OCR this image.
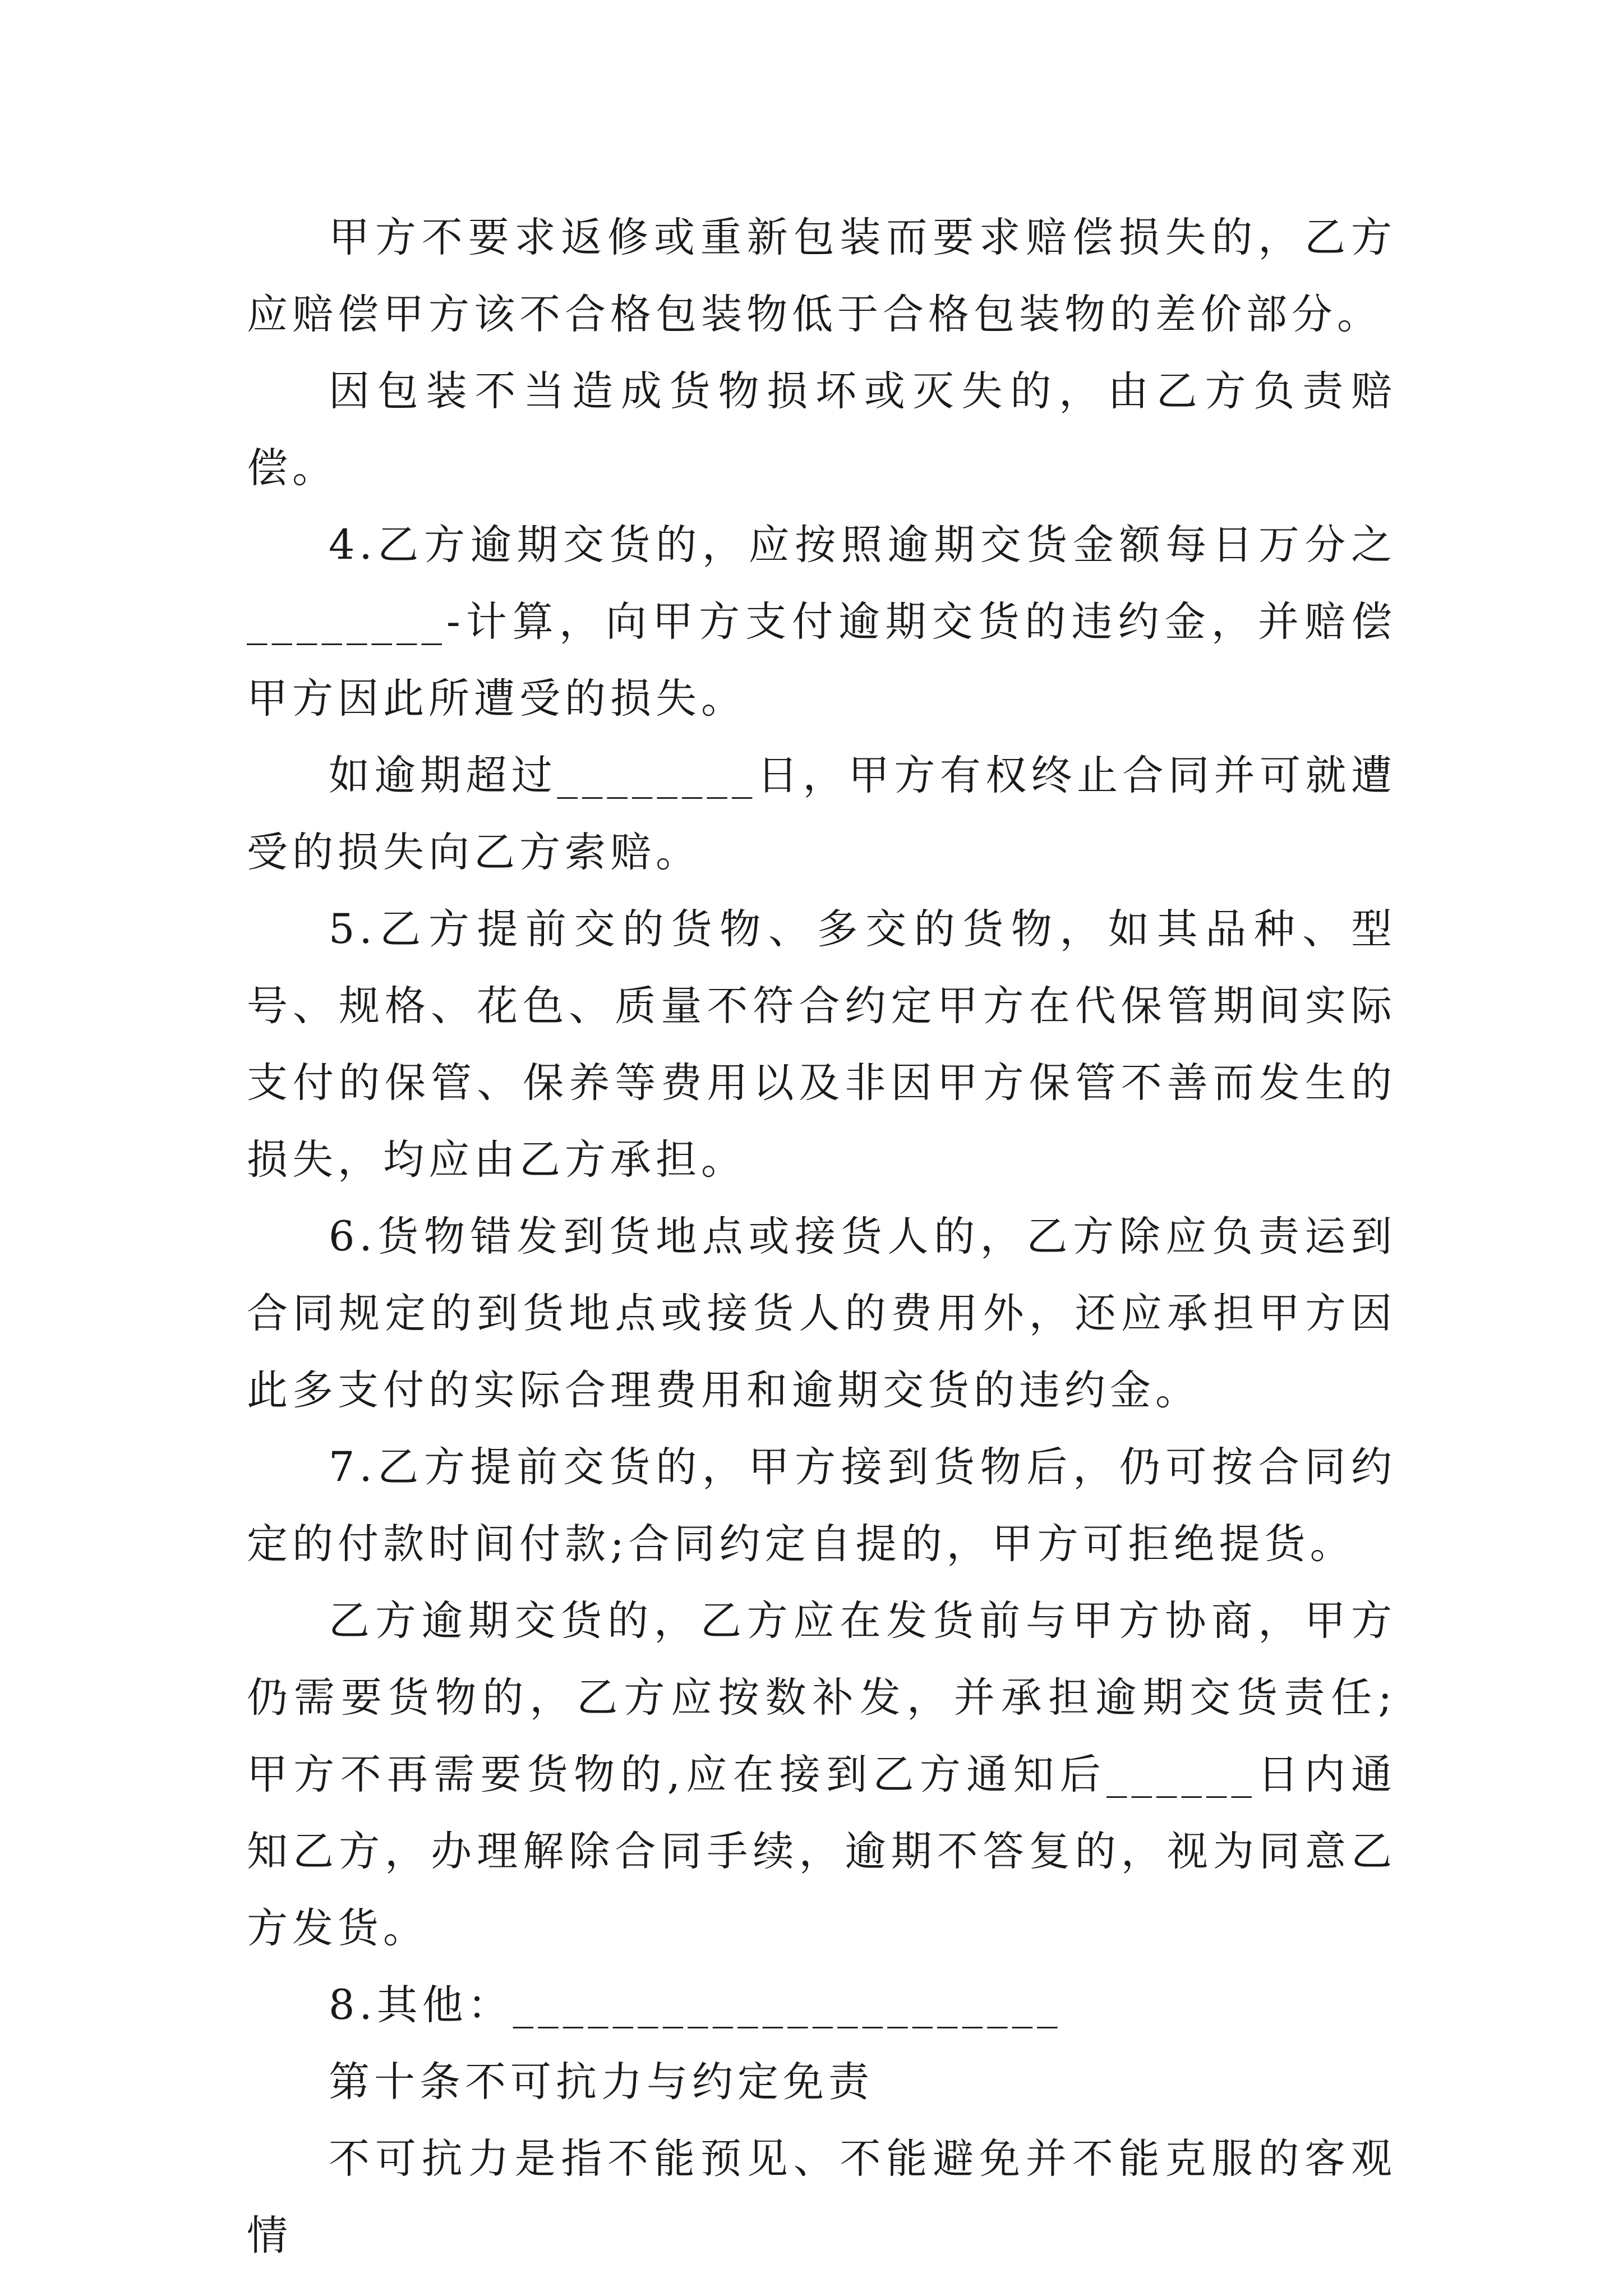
甲方不要求返修或重新包装而要求赔偿损失的，乙方应赔偿甲方该不合格包装物低于合格包装物的差价部分。

因包装不当造成货物损坏或灭失的，由乙方负责赔偿。

4.乙方逾期交货的，应按照逾期交货金额每日万分之________-计算，向甲方支付逾期交货的违约金，并赔偿甲方因此所遭受的损失。

如逾期超过________日，甲方有权终止合同并可就遭受的损失向乙方索赔。

5.乙方提前交的货物、多交的货物，如其品种、型号、规格、花色、质量不符合约定甲方在代保管期间实际支付的保管、保养等费用以及非因甲方保管不善而发生的损失，均应由乙方承担。

6.货物错发到货地点或接货人的，乙方除应负责运到合同规定的到货地点或接货人的费用外，还应承担甲方因此多支付的实际合理费用和逾期交货的违约金。

7.乙方提前交货的，甲方接到货物后，仍可按合同约定的付款时间付款;合同约定自提的，甲方可拒绝提货。

乙方逾期交货的，乙方应在发货前与甲方协商，甲方仍需要货物的，乙方应按数补发，并承担逾期交货责任;甲方不再需要货物的,应在接到乙方通知后______日内通知乙方，办理解除合同手续，逾期不答复的，视为同意乙方发货。

8.其他：______________________

第十条不可抗力与约定免责

不可抗力是指不能预见、不能避免并不能克服的客观情
